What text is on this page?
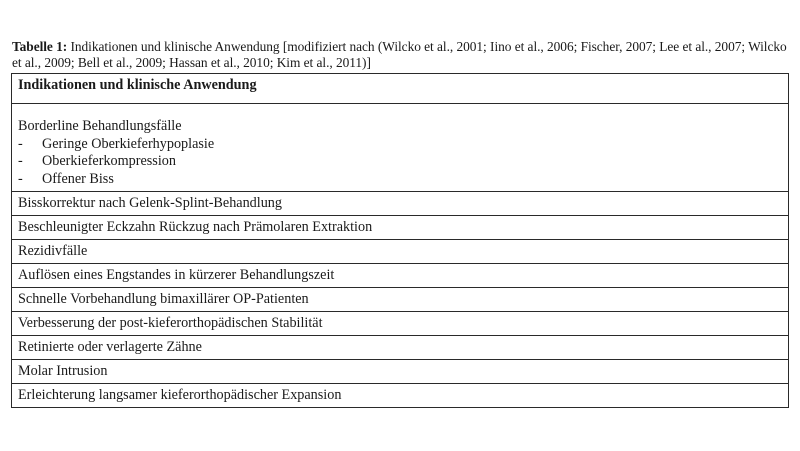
Tabelle 1: Indikationen und klinische Anwendung [modifiziert nach (Wilcko et al., 2001; Iino et al., 2006; Fischer, 2007; Lee et al., 2007; Wilcko et al., 2009; Bell et al., 2009; Hassan et al., 2010; Kim et al., 2011)]
Indikationen und klinische Anwendung

Borderline Behandlungsfälle
-	Geringe Oberkieferhypoplasie
-	Oberkieferkompression
-	Offener Biss

Bisskorrektur nach Gelenk-Splint-Behandlung
Beschleunigter Eckzahn Rückzug nach Prämolaren Extraktion
Rezidivfälle
Auflösen eines Engstandes in kürzerer Behandlungszeit
Schnelle Vorbehandlung bimaxillärer OP-Patienten
Verbesserung der post-kieferorthopädischen Stabilität
Retinierte oder verlagerte Zähne
Molar Intrusion
Erleichterung langsamer kieferorthopädischer Expansion
